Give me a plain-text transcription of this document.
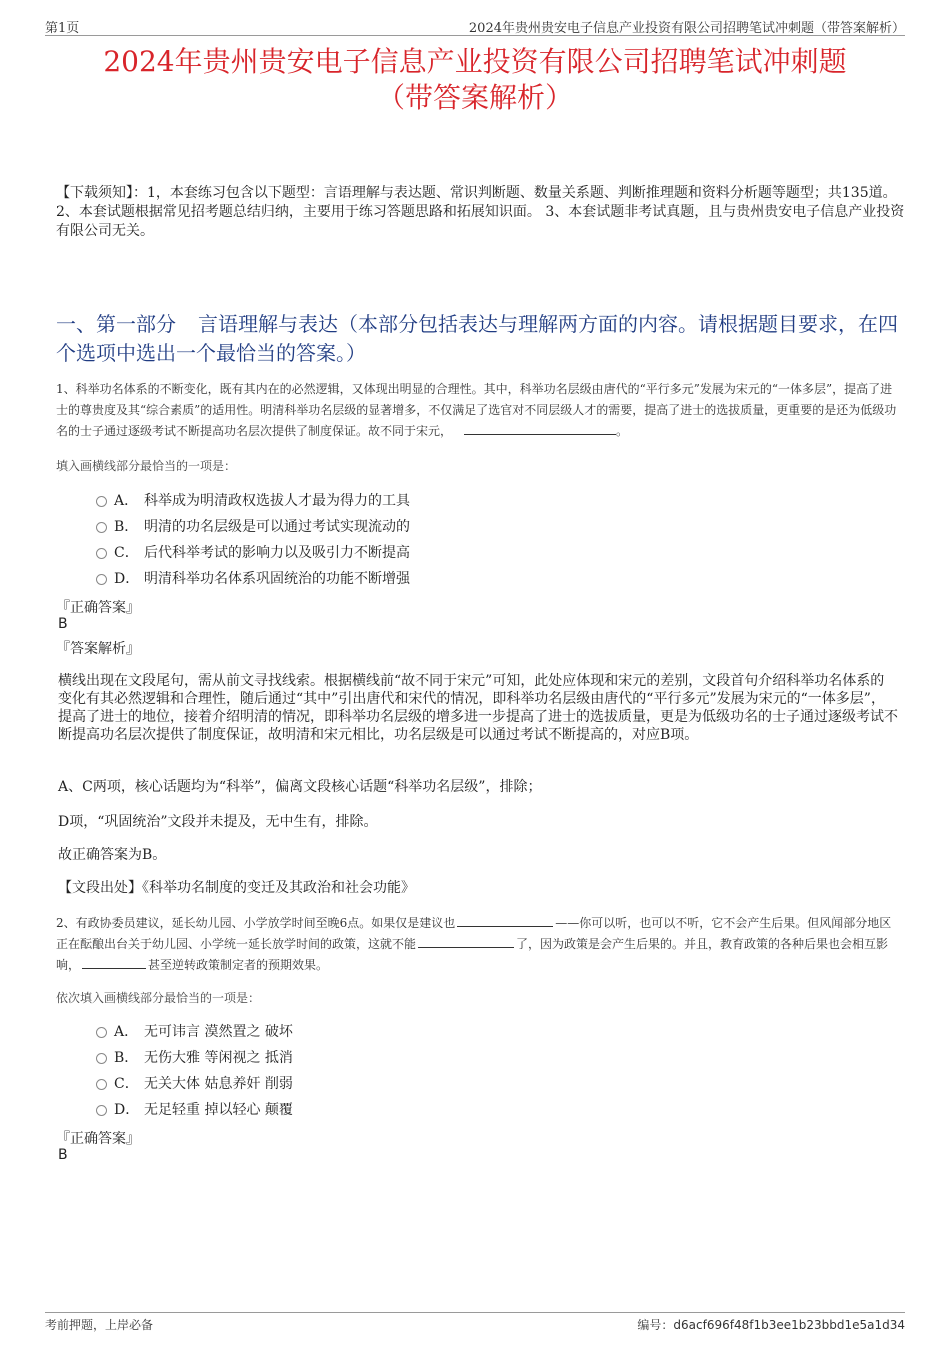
第1页	2024年贵州贵安电子信息产业投资有限公司招聘笔试冲刺题（带答案解析）
2024年贵州贵安电子信息产业投资有限公司招聘笔试冲刺题
（带答案解析）
【下载须知】：1，本套练习包含以下题型：言语理解与表达题、常识判断题、数量关系题、判断推理题和资料分析题等题型；共135道。 2、本套试题根据常见招考题总结归纳，主要用于练习答题思路和拓展知识面。 3、本套试题非考试真题，且与贵州贵安电子信息产业投资有限公司无关。
一、第一部分 言语理解与表达（本部分包括表达与理解两方面的内容。请根据题目要求，在四个选项中选出一个最恰当的答案。）
1、科举功名体系的不断变化，既有其内在的必然逻辑，又体现出明显的合理性。其中，科举功名层级由唐代的“平行多元”发展为宋元的“一体多层”，提高了进士的尊贵度及其“综合素质”的适用性。明清科举功名层级的显著增多，不仅满足了选官对不同层级人才的需要，提高了进士的选拔质量，更重要的是还为低级功名的士子通过逐级考试不断提高功名层次提供了制度保证。故不同于宋元，	。
填入画横线部分最恰当的一项是：
A． 科举成为明清政权选拔人才最为得力的工具
B． 明清的功名层级是可以通过考试实现流动的
C． 后代科举考试的影响力以及吸引力不断提高
D． 明清科举功名体系巩固统治的功能不断增强
『正确答案』
B
『答案解析』
横线出现在文段尾句，需从前文寻找线索。根据横线前“故不同于宋元”可知，此处应体现和宋元的差别，文段首句介绍科举功名体系的变化有其必然逻辑和合理性，随后通过“其中”引出唐代和宋代的情况，即科举功名层级由唐代的“平行多元”发展为宋元的“一体多层”，提高了进士的地位，接着介绍明清的情况，即科举功名层级的增多进一步提高了进士的选拔质量，更是为低级功名的士子通过逐级考试不断提高功名层次提供了制度保证，故明清和宋元相比，功名层级是可以通过考试不断提高的，对应B项。
A、C两项，核心话题均为“科举”，偏离文段核心话题“科举功名层级”，排除；
D项，“巩固统治”文段并未提及，无中生有，排除。
故正确答案为B。
【文段出处】《科举功名制度的变迁及其政治和社会功能》
2、有政协委员建议，延长幼儿园、小学放学时间至晚6点。如果仅是建议也	——你可以听，也可以不听，它不会产生后果。但风闻部分地区正在酝酿出台关于幼儿园、小学统一延长放学时间的政策，这就不能	了，因为政策是会产生后果的。并且，教育政策的各种后果也会相互影响，	甚至逆转政策制定者的预期效果。
依次填入画横线部分最恰当的一项是：
A． 无可讳言 漠然置之 破坏
B． 无伤大雅 等闲视之 抵消
C． 无关大体 姑息养奸 削弱
D． 无足轻重 掉以轻心 颠覆
『正确答案』
B
考前押题，上岸必备	编号：d6acf696f48f1b3ee1b23bbd1e5a1d34
